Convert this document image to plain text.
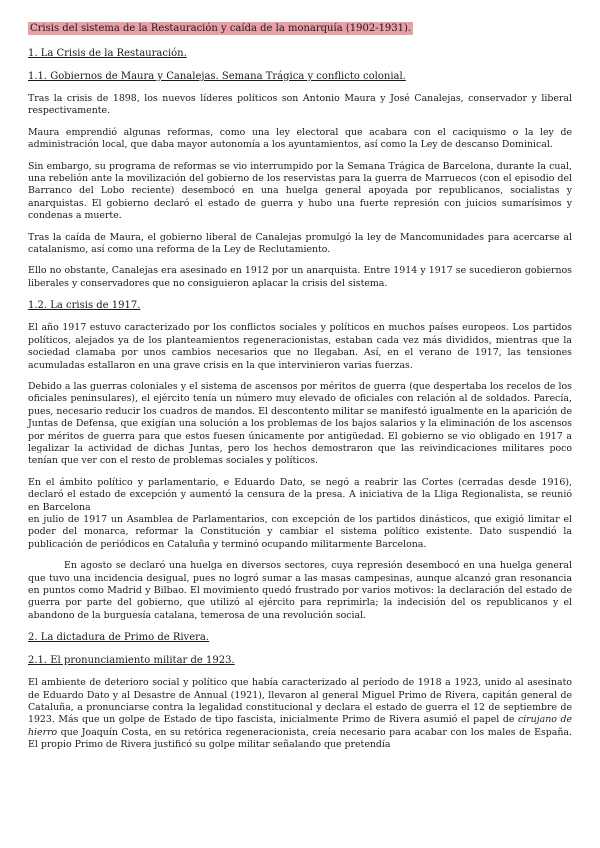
Crisis del sistema de la Restauración y caída de la monarquía (1902-1931).
1. La Crisis de la Restauración.
1.1. Gobiernos de Maura y Canalejas. Semana Trágica y conflicto colonial.

Tras la crisis de 1898, los nuevos líderes políticos son Antonio Maura y José Canalejas, conservador y liberal respectivamente.

Maura emprendió algunas reformas, como una ley electoral que acabara con el caciquismo o la ley de administración local, que daba mayor autonomía a los ayuntamientos, así como la Ley de descanso Dominical.

Sin embargo, su programa de reformas se vio interrumpido por la Semana Trágica de Barcelona, durante la cual, una rebelión ante la movilización del gobierno de los reservistas para la guerra de Marruecos (con el episodio del Barranco del Lobo reciente) desembocó en una huelga general apoyada por republicanos, socialistas y anarquistas. El gobierno declaró el estado de guerra y hubo una fuerte represión con juicios sumarísimos y condenas a muerte.

Tras la caída de Maura, el gobierno liberal de Canalejas promulgó la ley de Mancomunidades para acercarse al catalanismo, así como una reforma de la Ley de Reclutamiento.

Ello no obstante, Canalejas era asesinado en 1912 por un anarquista. Entre 1914 y 1917 se sucedieron gobiernos liberales y conservadores que no consiguieron aplacar la crisis del sistema.

1.2. La crisis de 1917.

El año 1917 estuvo caracterizado por los conflictos sociales y políticos en muchos países europeos. Los partidos políticos, alejados ya de los planteamientos regeneracionistas, estaban cada vez más divididos, mientras que la sociedad clamaba por unos cambios necesarios que no llegaban. Así, en el verano de 1917, las tensiones acumuladas estallaron en una grave crisis en la que intervinieron varias fuerzas.

Debido a las guerras coloniales y el sistema de ascensos por méritos de guerra (que despertaba los recelos de los oficiales peninsulares), el ejército tenía un número muy elevado de oficiales con relación al de soldados. Parecía, pues, necesario reducir los cuadros de mandos. El descontento militar se manifestó igualmente en la aparición de Juntas de Defensa, que exigían una solución a los problemas de los bajos salarios y la eliminación de los ascensos por méritos de guerra para que estos fuesen únicamente por antigüedad. El gobierno se vio obligado en 1917 a legalizar la actividad de dichas Juntas, pero los hechos demostraron que las reivindicaciones militares poco tenían que ver con el resto de problemas sociales y políticos.

En el ámbito político y parlamentario, e Eduardo Dato, se negó a reabrir las Cortes (cerradas desde 1916), declaró el estado de excepción y aumentó la censura de la presa. A iniciativa de la Lliga Regionalista, se reunió en Barcelona

en julio de 1917 un Asamblea de Parlamentarios, con excepción de los partidos dinásticos, que exigió limitar el poder del monarca, reformar la Constitución y cambiar el sistema político existente. Dato suspendió la publicación de periódicos en Cataluña y terminó ocupando militarmente Barcelona.

En agosto se declaró una huelga en diversos sectores, cuya represión desembocó en una huelga general que tuvo una incidencia desigual, pues no logró sumar a las masas campesinas, aunque alcanzó gran resonancia en puntos como Madrid y Bilbao. El movimiento quedó frustrado por varios motivos: la declaración del estado de guerra por parte del gobierno, que utilizó al ejército para reprimirla; la indecisión del os republicanos y el abandono de la burguesía catalana, temerosa de una revolución social.

2. La dictadura de Primo de Rivera.
2.1. El pronunciamiento militar de 1923.

El ambiente de deterioro social y político que había caracterizado al período de 1918 a 1923, unido al asesinato de Eduardo Dato y al Desastre de Annual (1921), llevaron al general Miguel Primo de Rivera, capitán general de Cataluña, a pronunciarse contra la legalidad constitucional y declara el estado de guerra el 12 de septiembre de 1923. Más que un golpe de Estado de tipo fascista, inicialmente Primo de Rivera asumió el papel de cirujano de hierro que Joaquín Costa, en su retórica regeneracionista, creía necesario para acabar con los males de España. El propio Primo de Rivera justificó su golpe militar señalando que pretendía
